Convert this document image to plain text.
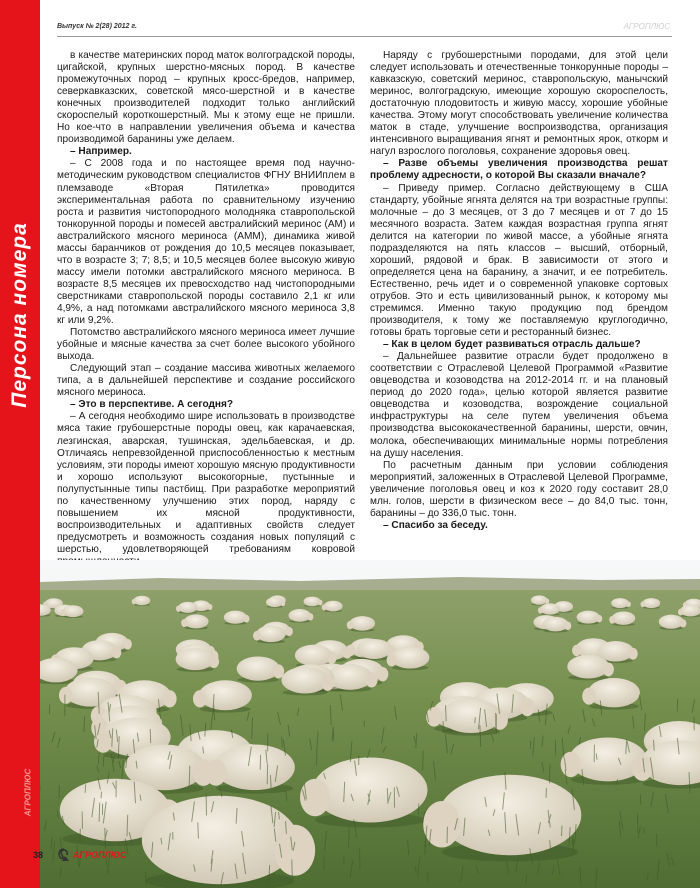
Персона номера
Выпуск № 2(28) 2012 г.	АГРОПЛЮС

в качестве материнских пород маток волгоградской породы, цигайской, крупных шерстно-мясных пород. В качестве промежуточных пород – крупных кросс-бредов, например, северкавказских, советской мясо-шерстной и в качестве конечных производителей подходит только английский скороспелый короткошерстный. Мы к этому еще не пришли. Но кое-что в направлении увеличения объема и качества производимой баранины уже делаем.

– Например.

– С 2008 года и по настоящее время под научно-методическим руководством специалистов ФГНУ ВНИИплем в племзаводе «Вторая Пятилетка» проводится экспериментальная работа по сравнительному изучению роста и развития чистопородного молодняка ставропольской тонкорунной породы и помесей австралийский меринос (АМ) и австралийского мясного мериноса (АММ), динамика живой массы баранчиков от рождения до 10,5 месяцев показывает, что в возрасте 3; 7; 8,5; и 10,5 месяцев более высокую живую массу имели потомки австралийского мясного мериноса. В возрасте 8,5 месяцев их превосходство над чистопородными сверстниками ставропольской породы составило 2,1 кг или 4,9%, а над потомками австралийского мясного мериноса 3,8 кг или 9,2%.

Потомство австралийского мясного мериноса имеет лучшие убойные и мясные качества за счет более высокого убойного выхода.

Следующий этап – создание массива животных желаемого типа, а в дальнейшей перспективе и создание российского мясного мериноса.

– Это в перспективе. А сегодня?

– А сегодня необходимо шире использовать в производстве мяса такие грубошерстные породы овец, как карачаевская, лезгинская, аварская, тушинская, эдельбаевская, и др. Отличаясь непревзойденной приспособленностью к местным условиям, эти породы имеют хорошую мясную продуктивности и хорошо используют высокогорные, пустынные и полупустынные типы пастбищ. При разработке мероприятий по качественному улучшению этих пород, наряду с повышением их мясной продуктивности, воспроизводительных и адаптивных свойств следует предусмотреть и возможность создания новых популяций с шерстью, удовлетворяющей требованиям ковровой

Наряду с грубошерстными породами, для этой цели следует использовать и отечественные тонкорунные породы – кавказскую, советский меринос, ставропольскую, манычский меринос, волгоградскую, имеющие хорошую скороспелость, достаточную плодовитость и живую массу, хорошие убойные качества. Этому могут способствовать увеличение количества маток в стаде, улучшение воспроизводства, организация интенсивного выращивания ягнят и ремонтных ярок, откорм и нагул взрослого поголовья, сохранение здоровья овец.

– Разве объемы увеличения производства решат проблему адресности, о которой Вы сказали вначале?

– Приведу пример. Согласно действующему в США стандарту, убойные ягнята делятся на три возрастные группы: молочные – до 3 месяцев, от 3 до 7 месяцев и от 7 до 15 месячного возраста. Затем каждая возрастная группа ягнят делится на категории по живой массе, а убойные ягнята подразделяются на пять классов – высший, отборный, хороший, рядовой и брак. В зависимости от этого и определяется цена на баранину, а значит, и ее потребитель. Естественно, речь идет и о современной упаковке сортовых отрубов. Это и есть цивилизованный рынок, к которому мы стремимся. Именно такую продукцию под брендом производителя, к тому же поставляемую круглогодично, готовы брать торговые сети и ресторанный бизнес.

– Как в целом будет развиваться отрасль дальше?

– Дальнейшее развитие отрасли будет продолжено в соответствии с Отраслевой Целевой Программой «Развитие овцеводства и козоводства на 2012-2014 гг. и на плановый период до 2020 года», целью которой является развитие овцеводства и козоводства, возрождение социальной инфраструктуры на селе путем увеличения объема производства высококачественной баранины, шерсти, овчин, молока, обеспечивающих минимальные нормы потребления на душу населения.

По расчетным данным при условии соблюдения мероприятий, заложенных в Отраслевой Целевой Программе, увеличение поголовья овец и коз к 2020 году составит 28,0 млн. голов, шерсти в физическом весе – до 84,0 тыс. тонн, баранины – до 336,0 тыс. тонн.

– Спасибо за беседу.

АГРОПЛЮС
38	АГРОПЛЮС
